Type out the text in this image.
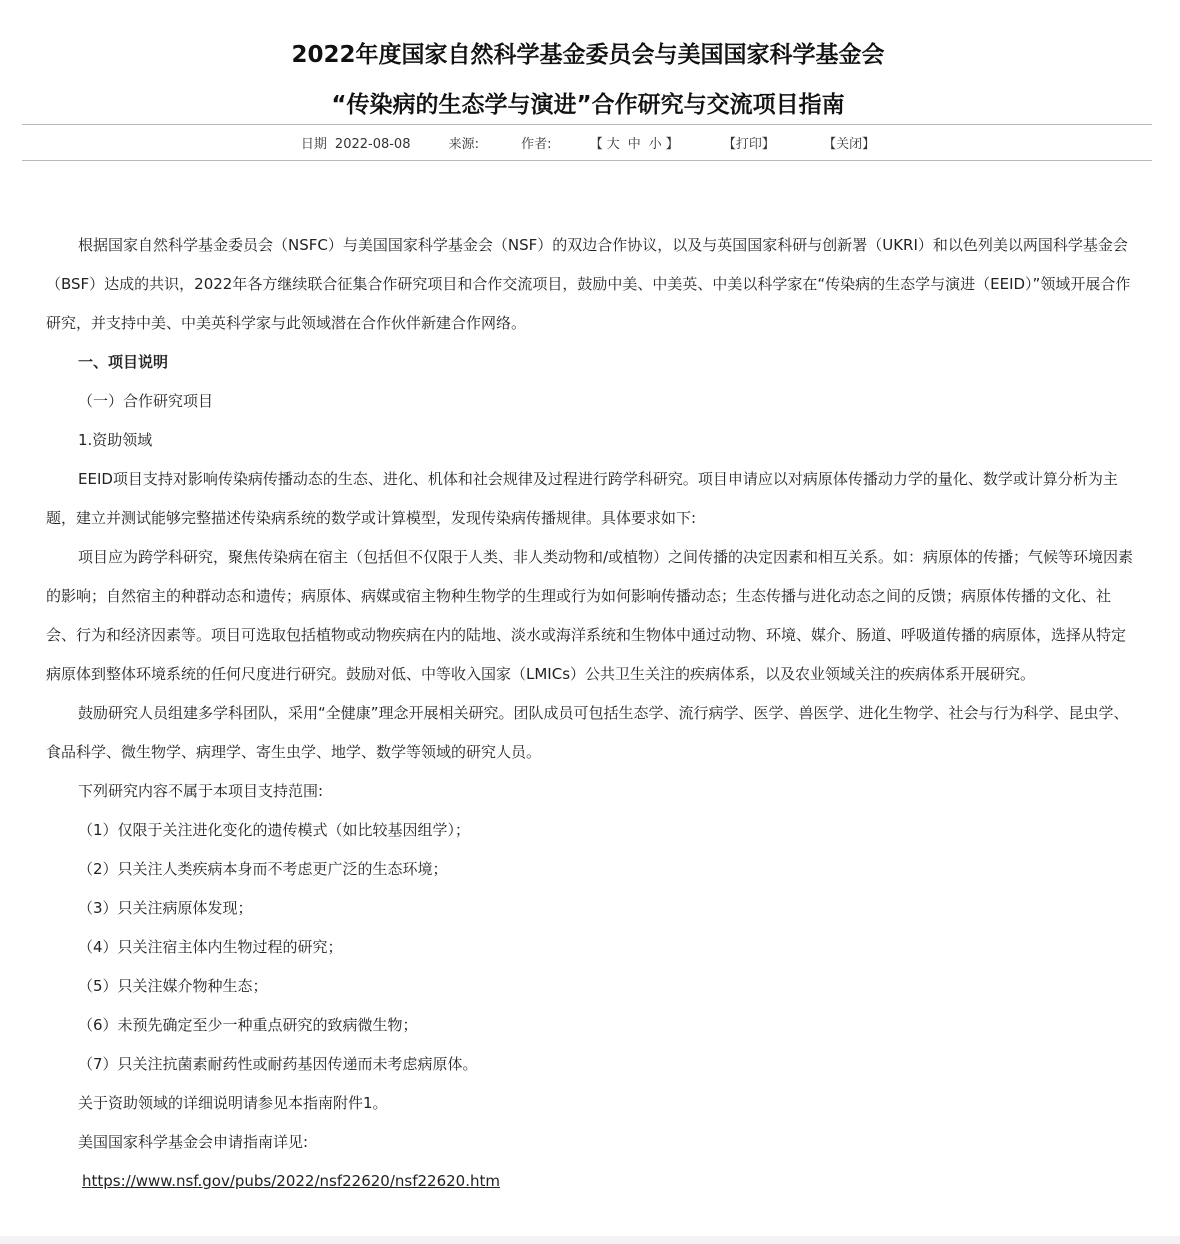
2022年度国家自然科学基金委员会与美国国家科学基金会
“传染病的生态学与演进”合作研究与交流项目指南
日期 2022-08-08	来源:	作者:	【 大 中 小 】	【打印】	【关闭】

根据国家自然科学基金委员会（NSFC）与美国国家科学基金会（NSF）的双边合作协议，以及与英国国家科研与创新署（UKRI）和以色列美以两国科学基金会（BSF）达成的共识，2022年各方继续联合征集合作研究项目和合作交流项目，鼓励中美、中美英、中美以科学家在“传染病的生态学与演进（EEID）”领域开展合作研究，并支持中美、中美英科学家与此领域潜在合作伙伴新建合作网络。

一、项目说明

（一）合作研究项目

1.资助领域

EEID项目支持对影响传染病传播动态的生态、进化、机体和社会规律及过程进行跨学科研究。项目申请应以对病原体传播动力学的量化、数学或计算分析为主题，建立并测试能够完整描述传染病系统的数学或计算模型，发现传染病传播规律。具体要求如下:

项目应为跨学科研究，聚焦传染病在宿主（包括但不仅限于人类、非人类动物和/或植物）之间传播的决定因素和相互关系。如：病原体的传播；气候等环境因素的影响；自然宿主的种群动态和遗传；病原体、病媒或宿主物种生物学的生理或行为如何影响传播动态；生态传播与进化动态之间的反馈；病原体传播的文化、社会、行为和经济因素等。项目可选取包括植物或动物疾病在内的陆地、淡水或海洋系统和生物体中通过动物、环境、媒介、肠道、呼吸道传播的病原体，选择从特定病原体到整体环境系统的任何尺度进行研究。鼓励对低、中等收入国家（LMICs）公共卫生关注的疾病体系，以及农业领域关注的疾病体系开展研究。

鼓励研究人员组建多学科团队，采用“全健康”理念开展相关研究。团队成员可包括生态学、流行病学、医学、兽医学、进化生物学、社会与行为科学、昆虫学、食品科学、微生物学、病理学、寄生虫学、地学、数学等领域的研究人员。

下列研究内容不属于本项目支持范围:

（1）仅限于关注进化变化的遗传模式（如比较基因组学）；

（2）只关注人类疾病本身而不考虑更广泛的生态环境；

（3）只关注病原体发现；

（4）只关注宿主体内生物过程的研究；

（5）只关注媒介物种生态；

（6）未预先确定至少一种重点研究的致病微生物；

（7）只关注抗菌素耐药性或耐药基因传递而未考虑病原体。

关于资助领域的详细说明请参见本指南附件1。

美国国家科学基金会申请指南详见:

https://www.nsf.gov/pubs/2022/nsf22620/nsf22620.htm
